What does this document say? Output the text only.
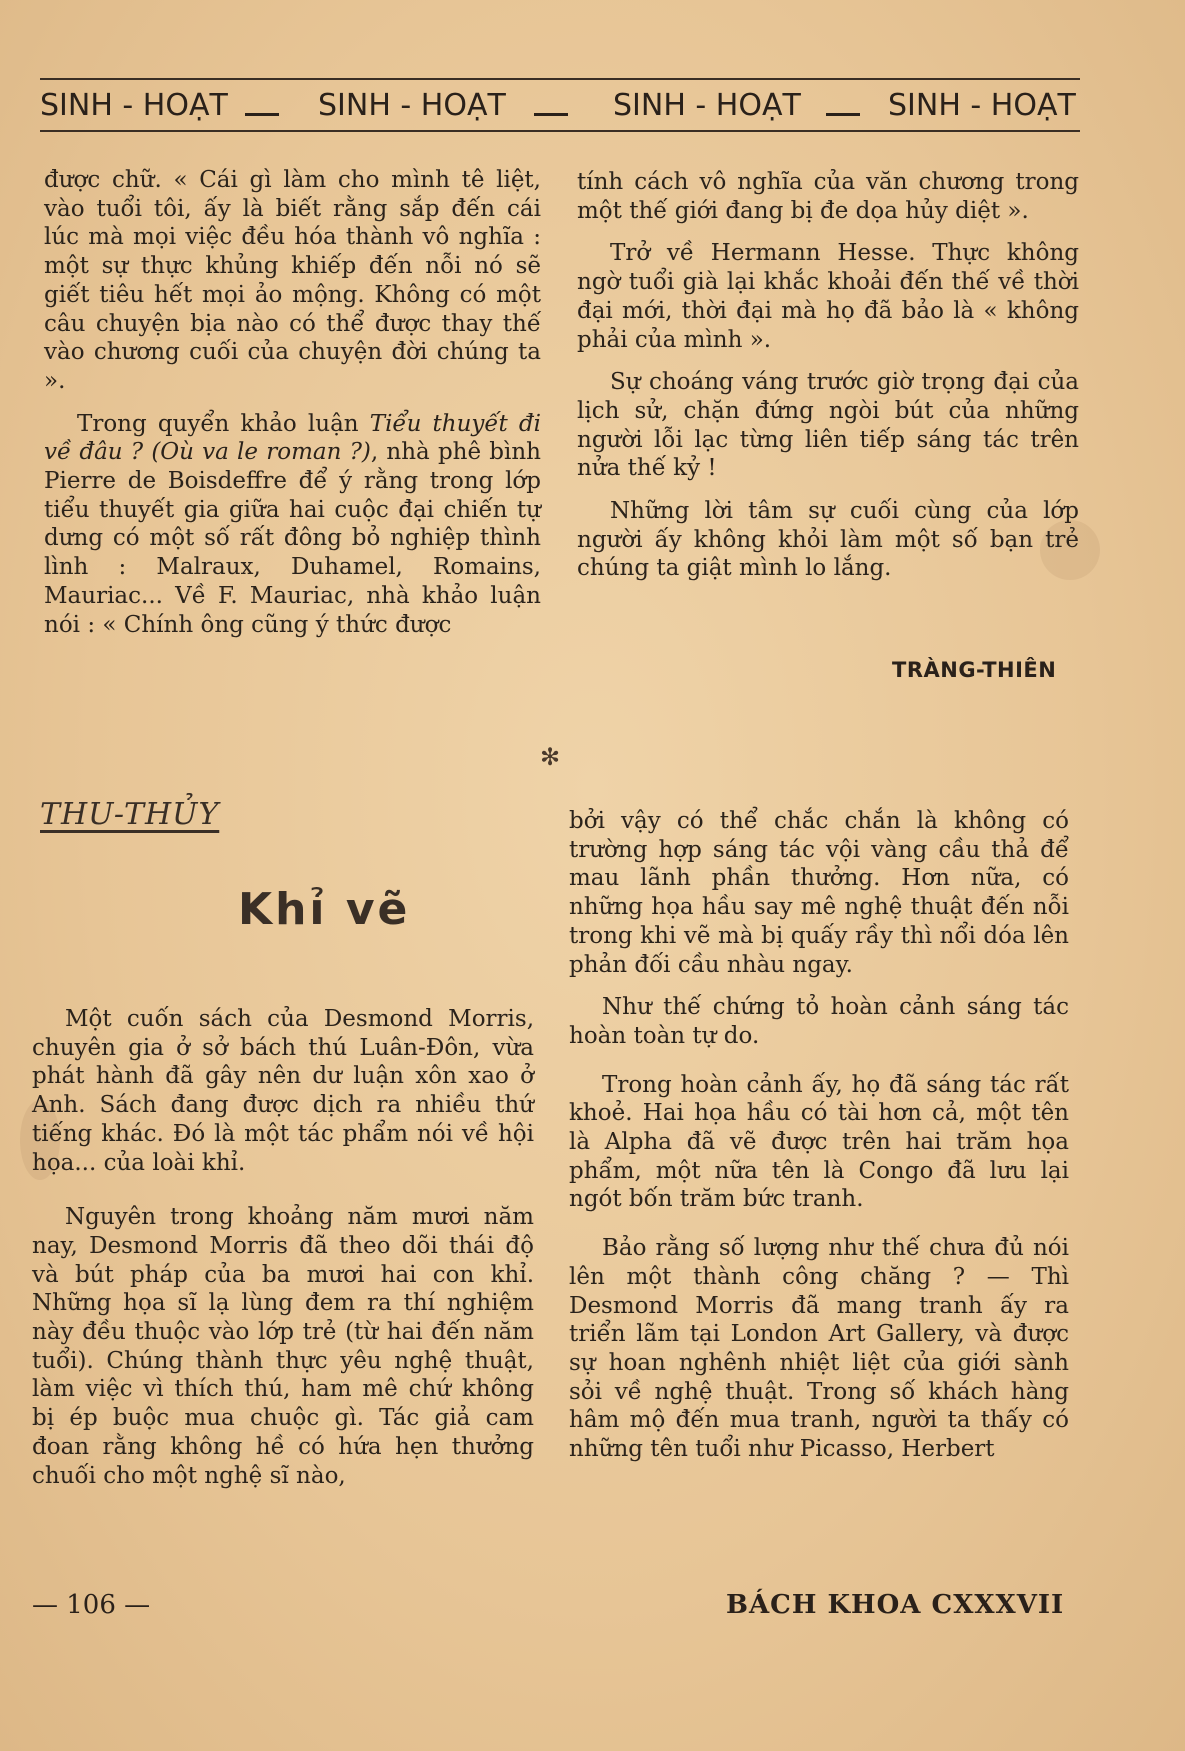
SINH - HOẠT	SINH - HOẠT	SINH - HOẠT	SINH - HOẠT

được chữ. « Cái gì làm cho mình tê liệt, vào tuổi tôi, ấy là biết rằng sắp đến cái lúc mà mọi việc đều hóa thành vô nghĩa : một sự thực khủng khiếp đến nỗi nó sẽ giết tiêu hết mọi ảo mộng. Không có một câu chuyện bịa nào có thể được thay thế vào chương cuối của chuyện đời chúng ta ».

Trong quyển khảo luận Tiểu thuyết đi về đâu ? (Où va le roman ?), nhà phê bình Pierre de Boisdeffre để ý rằng trong lớp tiểu thuyết gia giữa hai cuộc đại chiến tự dưng có một số rất đông bỏ nghiệp thình lình : Malraux, Duhamel, Romains, Mauriac... Về F. Mauriac, nhà khảo luận nói : « Chính ông cũng ý thức được

tính cách vô nghĩa của văn chương trong một thế giới đang bị đe dọa hủy diệt ».

Trở về Hermann Hesse. Thực không ngờ tuổi già lại khắc khoải đến thế về thời đại mới, thời đại mà họ đã bảo là « không phải của mình ».

Sự choáng váng trước giờ trọng đại của lịch sử, chặn đứng ngòi bút của những người lỗi lạc từng liên tiếp sáng tác trên nửa thế kỷ !

Những lời tâm sự cuối cùng của lớp người ấy không khỏi làm một số bạn trẻ chúng ta giật mình lo lắng.

TRÀNG-THIÊN
✻
THU-THỦY
Khỉ vẽ

Một cuốn sách của Desmond Morris, chuyên gia ở sở bách thú Luân-Đôn, vừa phát hành đã gây nên dư luận xôn xao ở Anh. Sách đang được dịch ra nhiều thứ tiếng khác. Đó là một tác phẩm nói về hội họa... của loài khỉ.

Nguyên trong khoảng năm mươi năm nay, Desmond Morris đã theo dõi thái độ và bút pháp của ba mươi hai con khỉ. Những họa sĩ lạ lùng đem ra thí nghiệm này đều thuộc vào lớp trẻ (từ hai đến năm tuổi). Chúng thành thực yêu nghệ thuật, làm việc vì thích thú, ham mê chứ không bị ép buộc mua chuộc gì. Tác giả cam đoan rằng không hề có hứa hẹn thưởng chuối cho một nghệ sĩ nào,

bởi vậy có thể chắc chắn là không có trường hợp sáng tác vội vàng cầu thả để mau lãnh phần thưởng. Hơn nữa, có những họa hầu say mê nghệ thuật đến nỗi trong khi vẽ mà bị quấy rầy thì nổi dóa lên phản đối cầu nhàu ngay.

Như thế chứng tỏ hoàn cảnh sáng tác hoàn toàn tự do.

Trong hoàn cảnh ấy, họ đã sáng tác rất khoẻ. Hai họa hầu có tài hơn cả, một tên là Alpha đã vẽ được trên hai trăm họa phẩm, một nữa tên là Congo đã lưu lại ngót bốn trăm bức tranh.

Bảo rằng số lượng như thế chưa đủ nói lên một thành công chăng ? — Thì Desmond Morris đã mang tranh ấy ra triển lãm tại London Art Gallery, và được sự hoan nghênh nhiệt liệt của giới sành sỏi về nghệ thuật. Trong số khách hàng hâm mộ đến mua tranh, người ta thấy có những tên tuổi như Picasso, Herbert

— 106 —	BÁCH KHOA CXXXVII
